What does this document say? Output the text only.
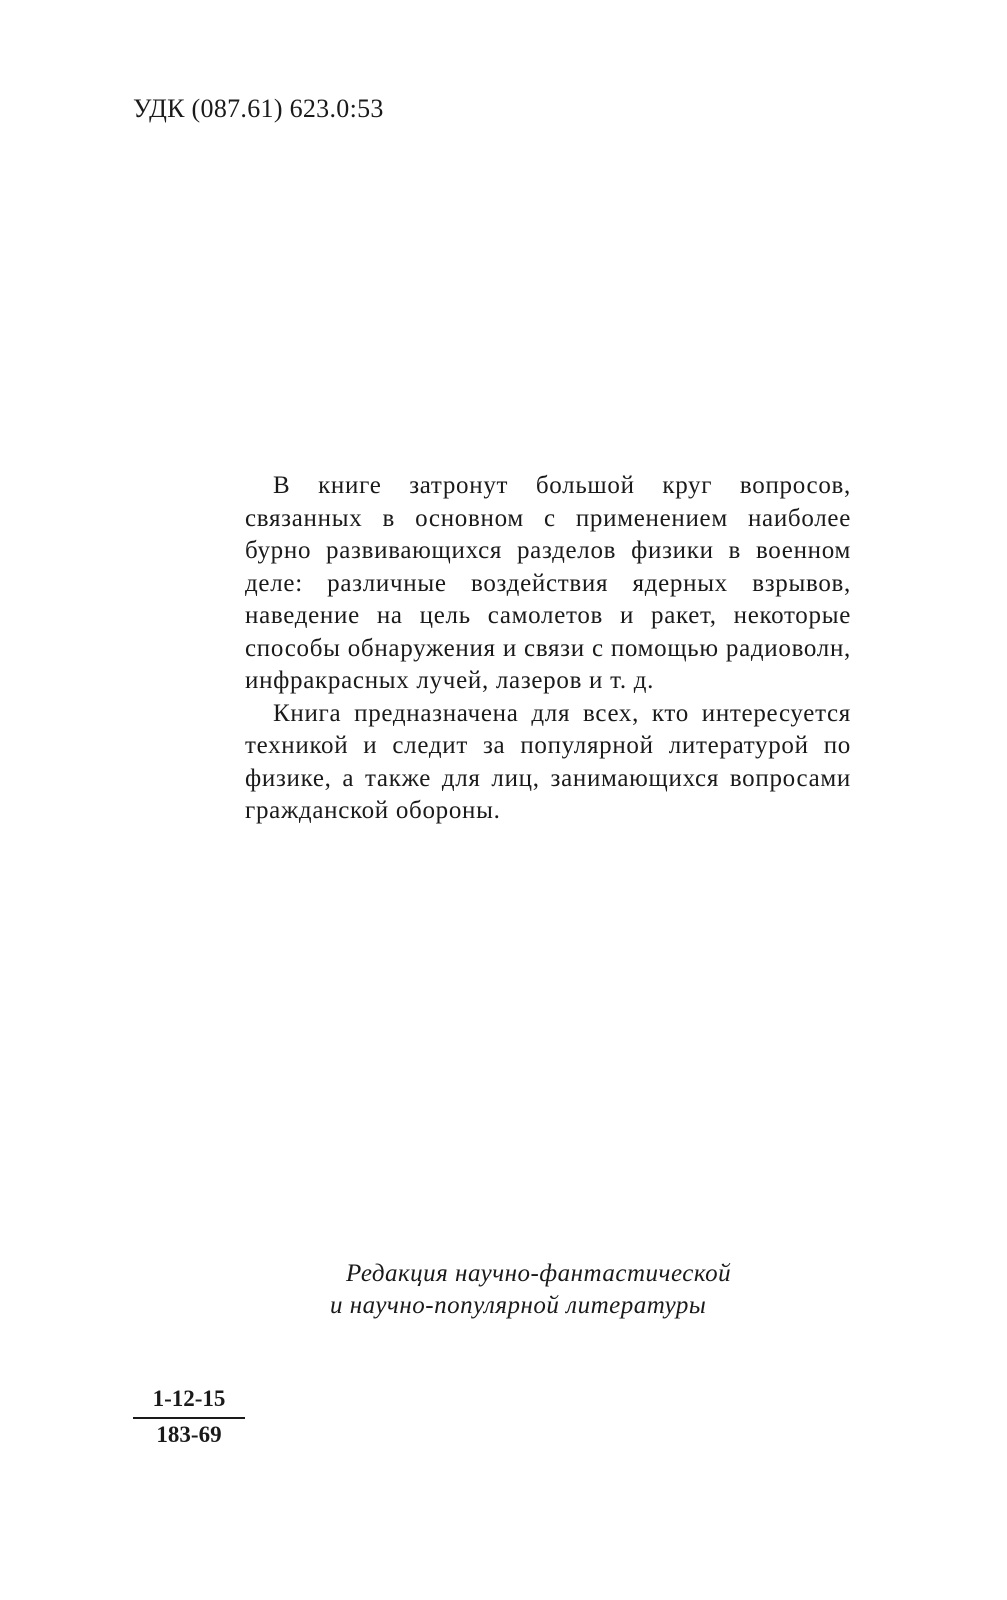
УДК (087.61) 623.0:53

В книге затронут большой круг вопросов, связанных в основном с применением наиболее бурно развивающихся разделов физики в военном деле: различные воздействия ядерных взрывов, наведение на цель самолетов и ракет, некоторые способы обнаружения и связи с помощью радиоволн, инфракрасных лучей, лазеров и т. д.

Книга предназначена для всех, кто интересуется техникой и следит за популярной литературой по физике, а также для лиц, занимающихся вопросами гражданской обороны.

Редакция научно-фантастической
и научно-популярной литературы
$\frac{1-12-15}{183-69}$
